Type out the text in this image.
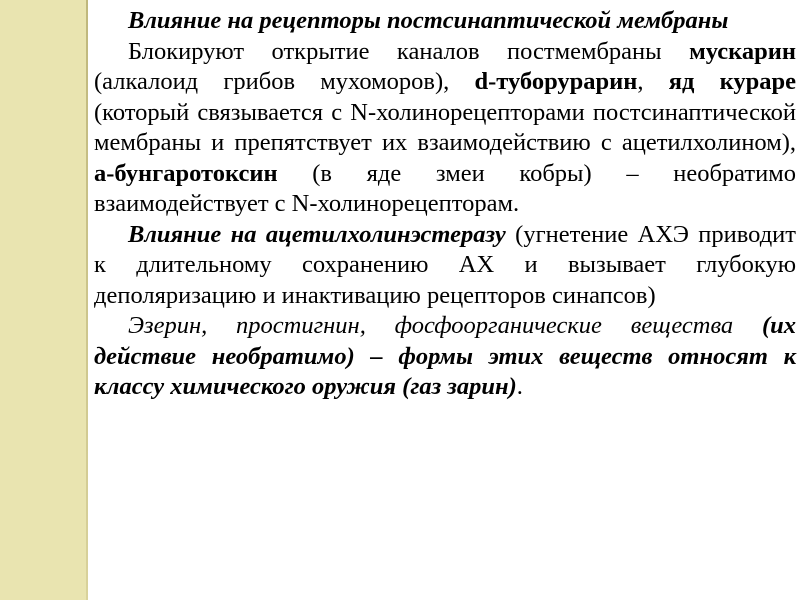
Влияние на рецепторы постсинаптической мембраны

Блокируют открытие каналов постмембраны мускарин (алкалоид грибов мухоморов), d-туборурарин, яд кураре (который связывается с N-холинорецепторами постсинаптической мембраны и препятствует их взаимодействию с ацетилхолином), а-бунгаротоксин (в яде змеи кобры) – необратимо взаимодействует с N-холинорецепторам.

Влияние на ацетилхолинэстеразу (угнетение АХЭ приводит к длительному сохранению АХ и вызывает глубокую деполяризацию и инактивацию рецепторов синапсов)

Эзерин, простигнин, фосфоорганические вещества (их действие необратимо) – формы этих веществ относят к классу химического оружия (газ зарин).
